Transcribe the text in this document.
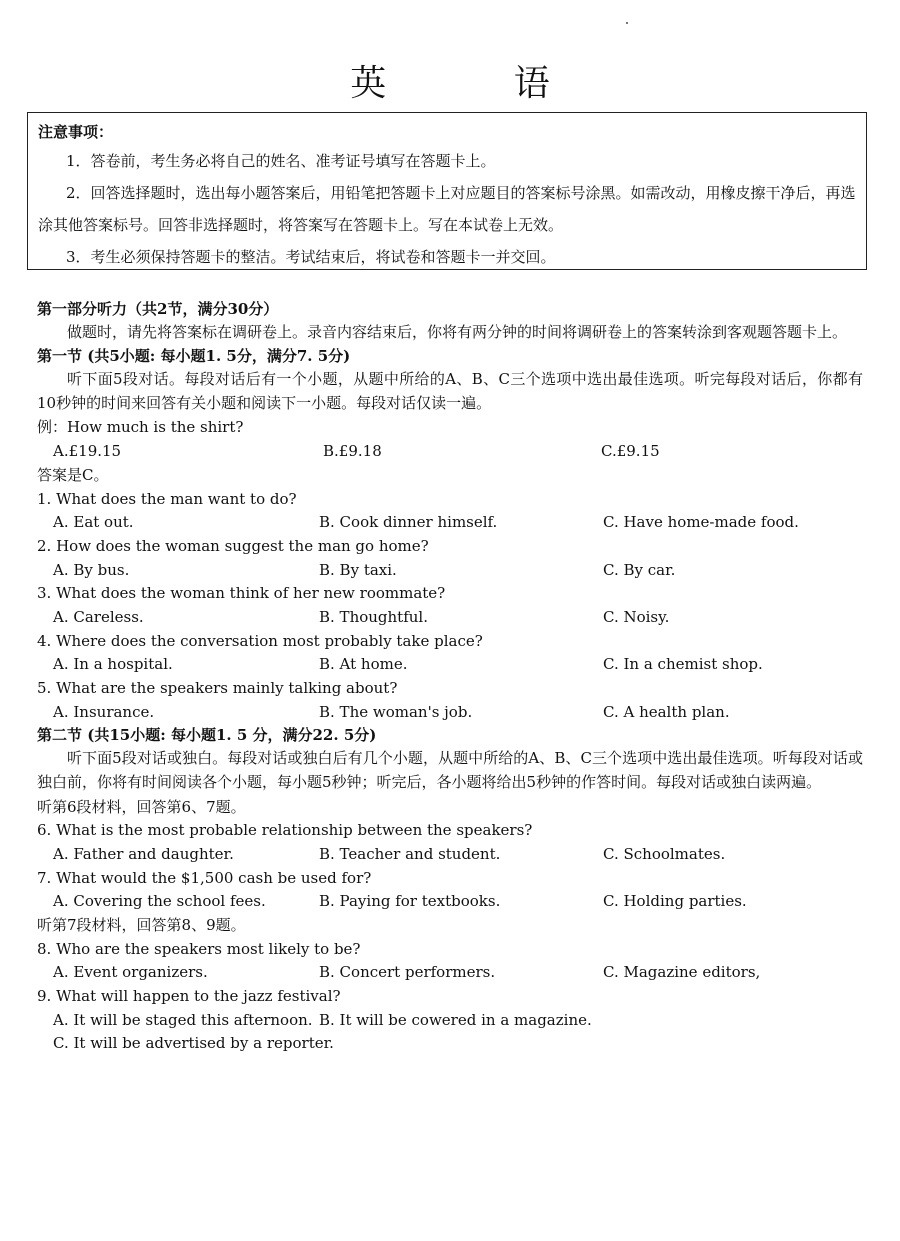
英 语
注意事项：
1．答卷前，考生务必将自己的姓名、准考证号填写在答题卡上。
2．回答选择题时，选出每小题答案后，用铅笔把答题卡上对应题目的答案标号涂黑。如需改动，用橡皮擦干净后，再选涂其他答案标号。回答非选择题时，将答案写在答题卡上。写在本试卷上无效。
3．考生必须保持答题卡的整洁。考试结束后，将试卷和答题卡一并交回。
第一部分听力（共2节，满分30分）
做题时，请先将答案标在调研卷上。录音内容结束后，你将有两分钟的时间将调研卷上的答案转涂到客观题答题卡上。
第一节 (共5小题: 每小题1. 5分，满分7. 5分)
听下面5段对话。每段对话后有一个小题，从题中所给的A、B、C三个选项中选出最佳选项。听完每段对话后，你都有10秒钟的时间来回答有关小题和阅读下一小题。每段对话仅读一遍。
例：How much is the shirt?
A.£19.15	B.£9.18	C.£9.15
答案是C。
1. What does the man want to do?
A. Eat out.	B. Cook dinner himself.	C. Have home-made food.
2. How does the woman suggest the man go home?
A. By bus.	B. By taxi.	C. By car.
3. What does the woman think of her new roommate?
A. Careless.	B. Thoughtful.	C. Noisy.
4. Where does the conversation most probably take place?
A. In a hospital.	B. At home.	C. In a chemist shop.
5. What are the speakers mainly talking about?
A. Insurance.	B. The woman's job.	C. A health plan.
第二节 (共15小题: 每小题1. 5 分，满分22. 5分)
听下面5段对话或独白。每段对话或独白后有几个小题，从题中所给的A、B、C三个选项中选出最佳选项。听每段对话或独白前，你将有时间阅读各个小题，每小题5秒钟；听完后，各小题将给出5秒钟的作答时间。每段对话或独白读两遍。
听第6段材料，回答第6、7题。
6. What is the most probable relationship between the speakers?
A. Father and daughter.	B. Teacher and student.	C. Schoolmates.
7. What would the $1,500 cash be used for?
A. Covering the school fees.	B. Paying for textbooks.	C. Holding parties.
听第7段材料，回答第8、9题。
8. Who are the speakers most likely to be?
A. Event organizers.	B. Concert performers.	C. Magazine editors,
9. What will happen to the jazz festival?
A. It will be staged this afternoon. B. It will be cowered in a magazine.
C. It will be advertised by a reporter.
